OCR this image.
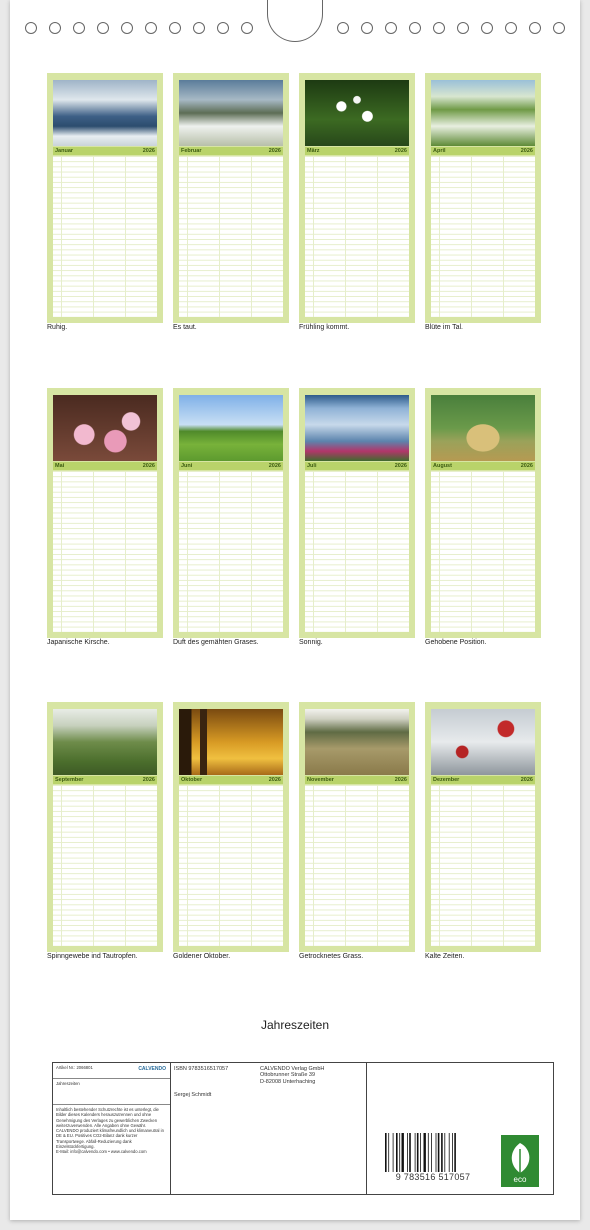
Januar	2026
Ruhig.
Februar	2026
Es taut.
März	2026
Frühling kommt.
April	2026
Blüte im Tal.
Mai	2026
Japanische Kirsche.
Juni	2026
Duft des gemähten Grases.
Juli	2026
Sonnig.
August	2026
Gehobene Position.
September	2026
Spinngewebe ind Tautropfen.
Oktober	2026
Goldener Oktober.
November	2026
Getrocknetes Grass.
Dezember	2026
Kalte Zeiten.
Jahreszeiten
Artikel Nr.: 2066801	CALVENDO
Jahreszeiten
Inhaltlich bestehender Schutzrechte ist es unterlegt, die Bilder dieses Kalenders herauszutrennen und ohne Genehmigung des Verlages zu gewerblichen Zwecken weiterzuverwenden. Alle Angaben ohne Gewähr. CALVENDO produziert klimafreundlich und klimaneutral in DE & EU. Positives CO2-Bilanz dank kurzer Transportwege. Abfall-Reduzierung dank Einzelstückfertigung.
E-Mail: info@calvendo.com • www.calvendo.com
ISBN 9783516517057
Sergej Schmidt
CALVENDO Verlag GmbH
Ottobrunner Straße 39
D-82008 Unterhaching
9 783516 517057	eco
